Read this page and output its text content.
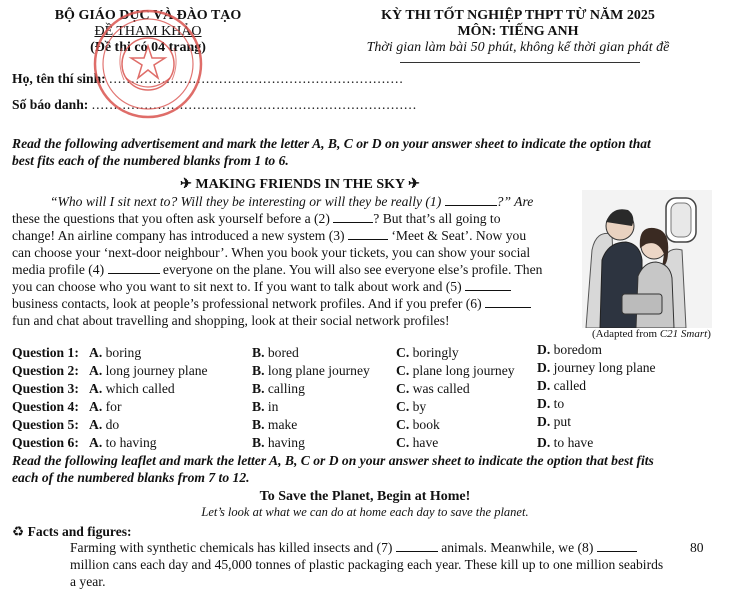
BỘ GIÁO DỤC VÀ ĐÀO TẠO
ĐỀ THAM KHẢO
(Đề thi có 04 trang)
KỲ THI TỐT NGHIỆP THPT TỪ NĂM 2025
MÔN: TIẾNG ANH
Thời gian làm bài 50 phút, không kể thời gian phát đề
Họ, tên thí sinh: ...................................................................
Số báo danh: ..........................................................................
Read the following advertisement and mark the letter A, B, C or D on your answer sheet to indicate the option that
best fits each of the numbered blanks from 1 to 6.
✈ MAKING FRIENDS IN THE SKY ✈
“Who will I sit next to? Will they be interesting or will they be really (1)	?” Are
these the questions that you often ask yourself before a (2)	? But that’s all going to
change! An airline company has introduced a new system (3)	‘Meet & Seat’. Now you
can choose your ‘next-door neighbour’. When you book your tickets, you can show your social
media profile (4)	everyone on the plane. You will also see everyone else’s profile. Then
you can choose who you want to sit next to. If you want to talk about work and (5)
business contacts, look at people’s professional network profiles. And if you prefer (6)
fun and chat about travelling and shopping, look at their social network profiles!
(Adapted from C21 Smart)
Question 1: A. boring	B. bored	C. boringly	D. boredom
Question 2: A. long journey plane	B. long plane journey C. plane long journey D. journey long plane
Question 3: A. which called	B. calling	C. was called	D. called
Question 4: A. for	B. in	C. by	D. to
Question 5: A. do	B. make	C. book	D. put
Question 6: A. to having	B. having	C. have	D. to have
Read the following leaflet and mark the letter A, B, C or D on your answer sheet to indicate the option that best fits
each of the numbered blanks from 7 to 12.
To Save the Planet, Begin at Home!
Let’s look at what we can do at home each day to save the planet.
♻ Facts and figures:
Farming with synthetic chemicals has killed insects and (7)	animals. Meanwhile, we (8)	80
million cans each day and 45,000 tonnes of plastic packaging each year. These kill up to one million seabirds
a year.
